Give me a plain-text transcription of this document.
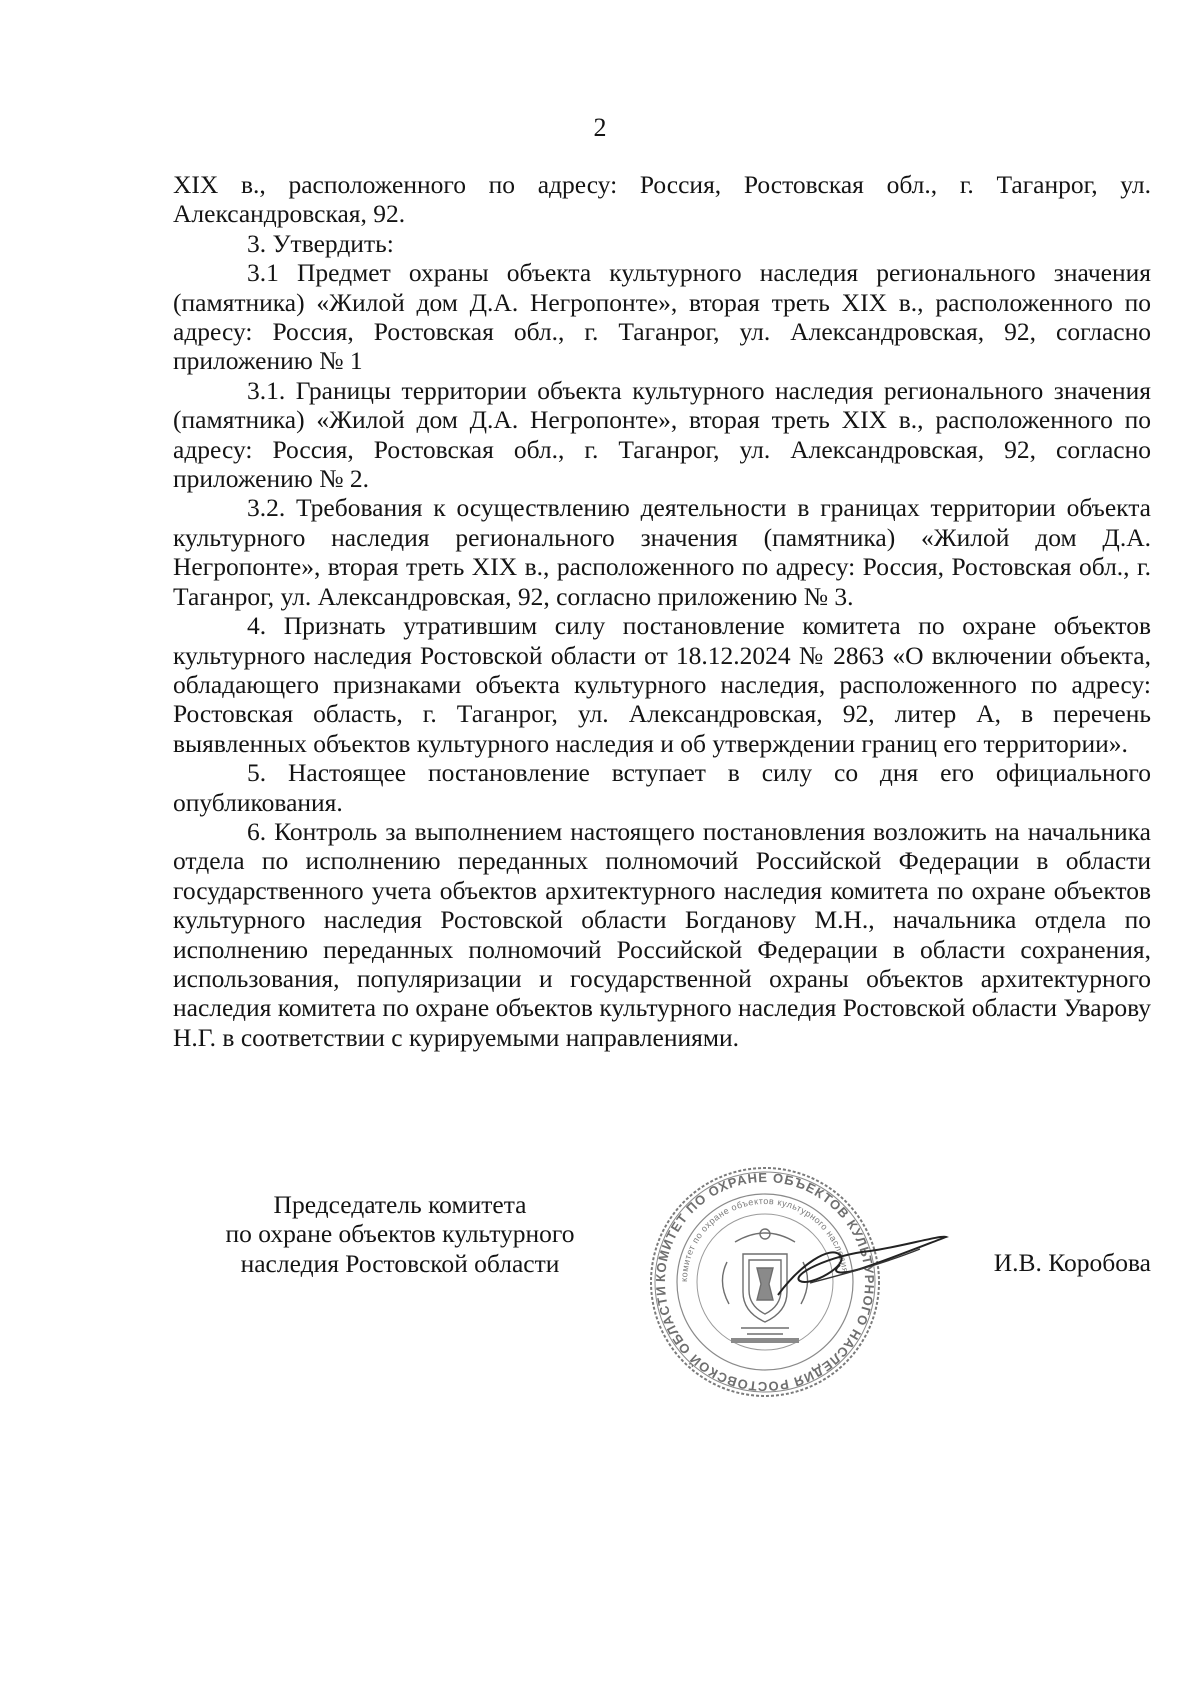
2

XIX в., расположенного по адресу: Россия, Ростовская обл., г. Таганрог, ул. Александровская, 92.

3. Утвердить:

3.1 Предмет охраны объекта культурного наследия регионального значения (памятника) «Жилой дом Д.А. Негропонте», вторая треть XIX в., расположенного по адресу: Россия, Ростовская обл., г. Таганрог, ул. Александровская, 92, согласно приложению № 1

3.1. Границы территории объекта культурного наследия регионального значения (памятника) «Жилой дом Д.А. Негропонте», вторая треть XIX в., расположенного по адресу: Россия, Ростовская обл., г. Таганрог, ул. Александровская, 92, согласно приложению № 2.

3.2. Требования к осуществлению деятельности в границах территории объекта культурного наследия регионального значения (памятника) «Жилой дом Д.А. Негропонте», вторая треть XIX в., расположенного по адресу: Россия, Ростовская обл., г. Таганрог, ул. Александровская, 92, согласно приложению № 3.

4. Признать утратившим силу постановление комитета по охране объектов культурного наследия Ростовской области от 18.12.2024 № 2863 «О включении объекта, обладающего признаками объекта культурного наследия, расположенного по адресу: Ростовская область, г. Таганрог, ул. Александровская, 92, литер А, в перечень выявленных объектов культурного наследия и об утверждении границ его территории».

5. Настоящее постановление вступает в силу со дня его официального опубликования.

6. Контроль за выполнением настоящего постановления возложить на начальника отдела по исполнению переданных полномочий Российской Федерации в области государственного учета объектов архитектурного наследия комитета по охране объектов культурного наследия Ростовской области Богданову М.Н., начальника отдела по исполнению переданных полномочий Российской Федерации в области сохранения, использования, популяризации и государственной охраны объектов архитектурного наследия комитета по охране объектов культурного наследия Ростовской области Уварову Н.Г. в соответствии с курируемыми направлениями.

Председатель комитета
по охране объектов культурного
наследия Ростовской области	КОМИТЕТ ПО ОХРАНЕ ОБЪЕКТОВ КУЛЬТУРНОГО НАСЛЕДИЯ РОСТОВСКОЙ ОБЛАСТИ
комитет по охране объектов культурного наследия	И.В. Коробова
